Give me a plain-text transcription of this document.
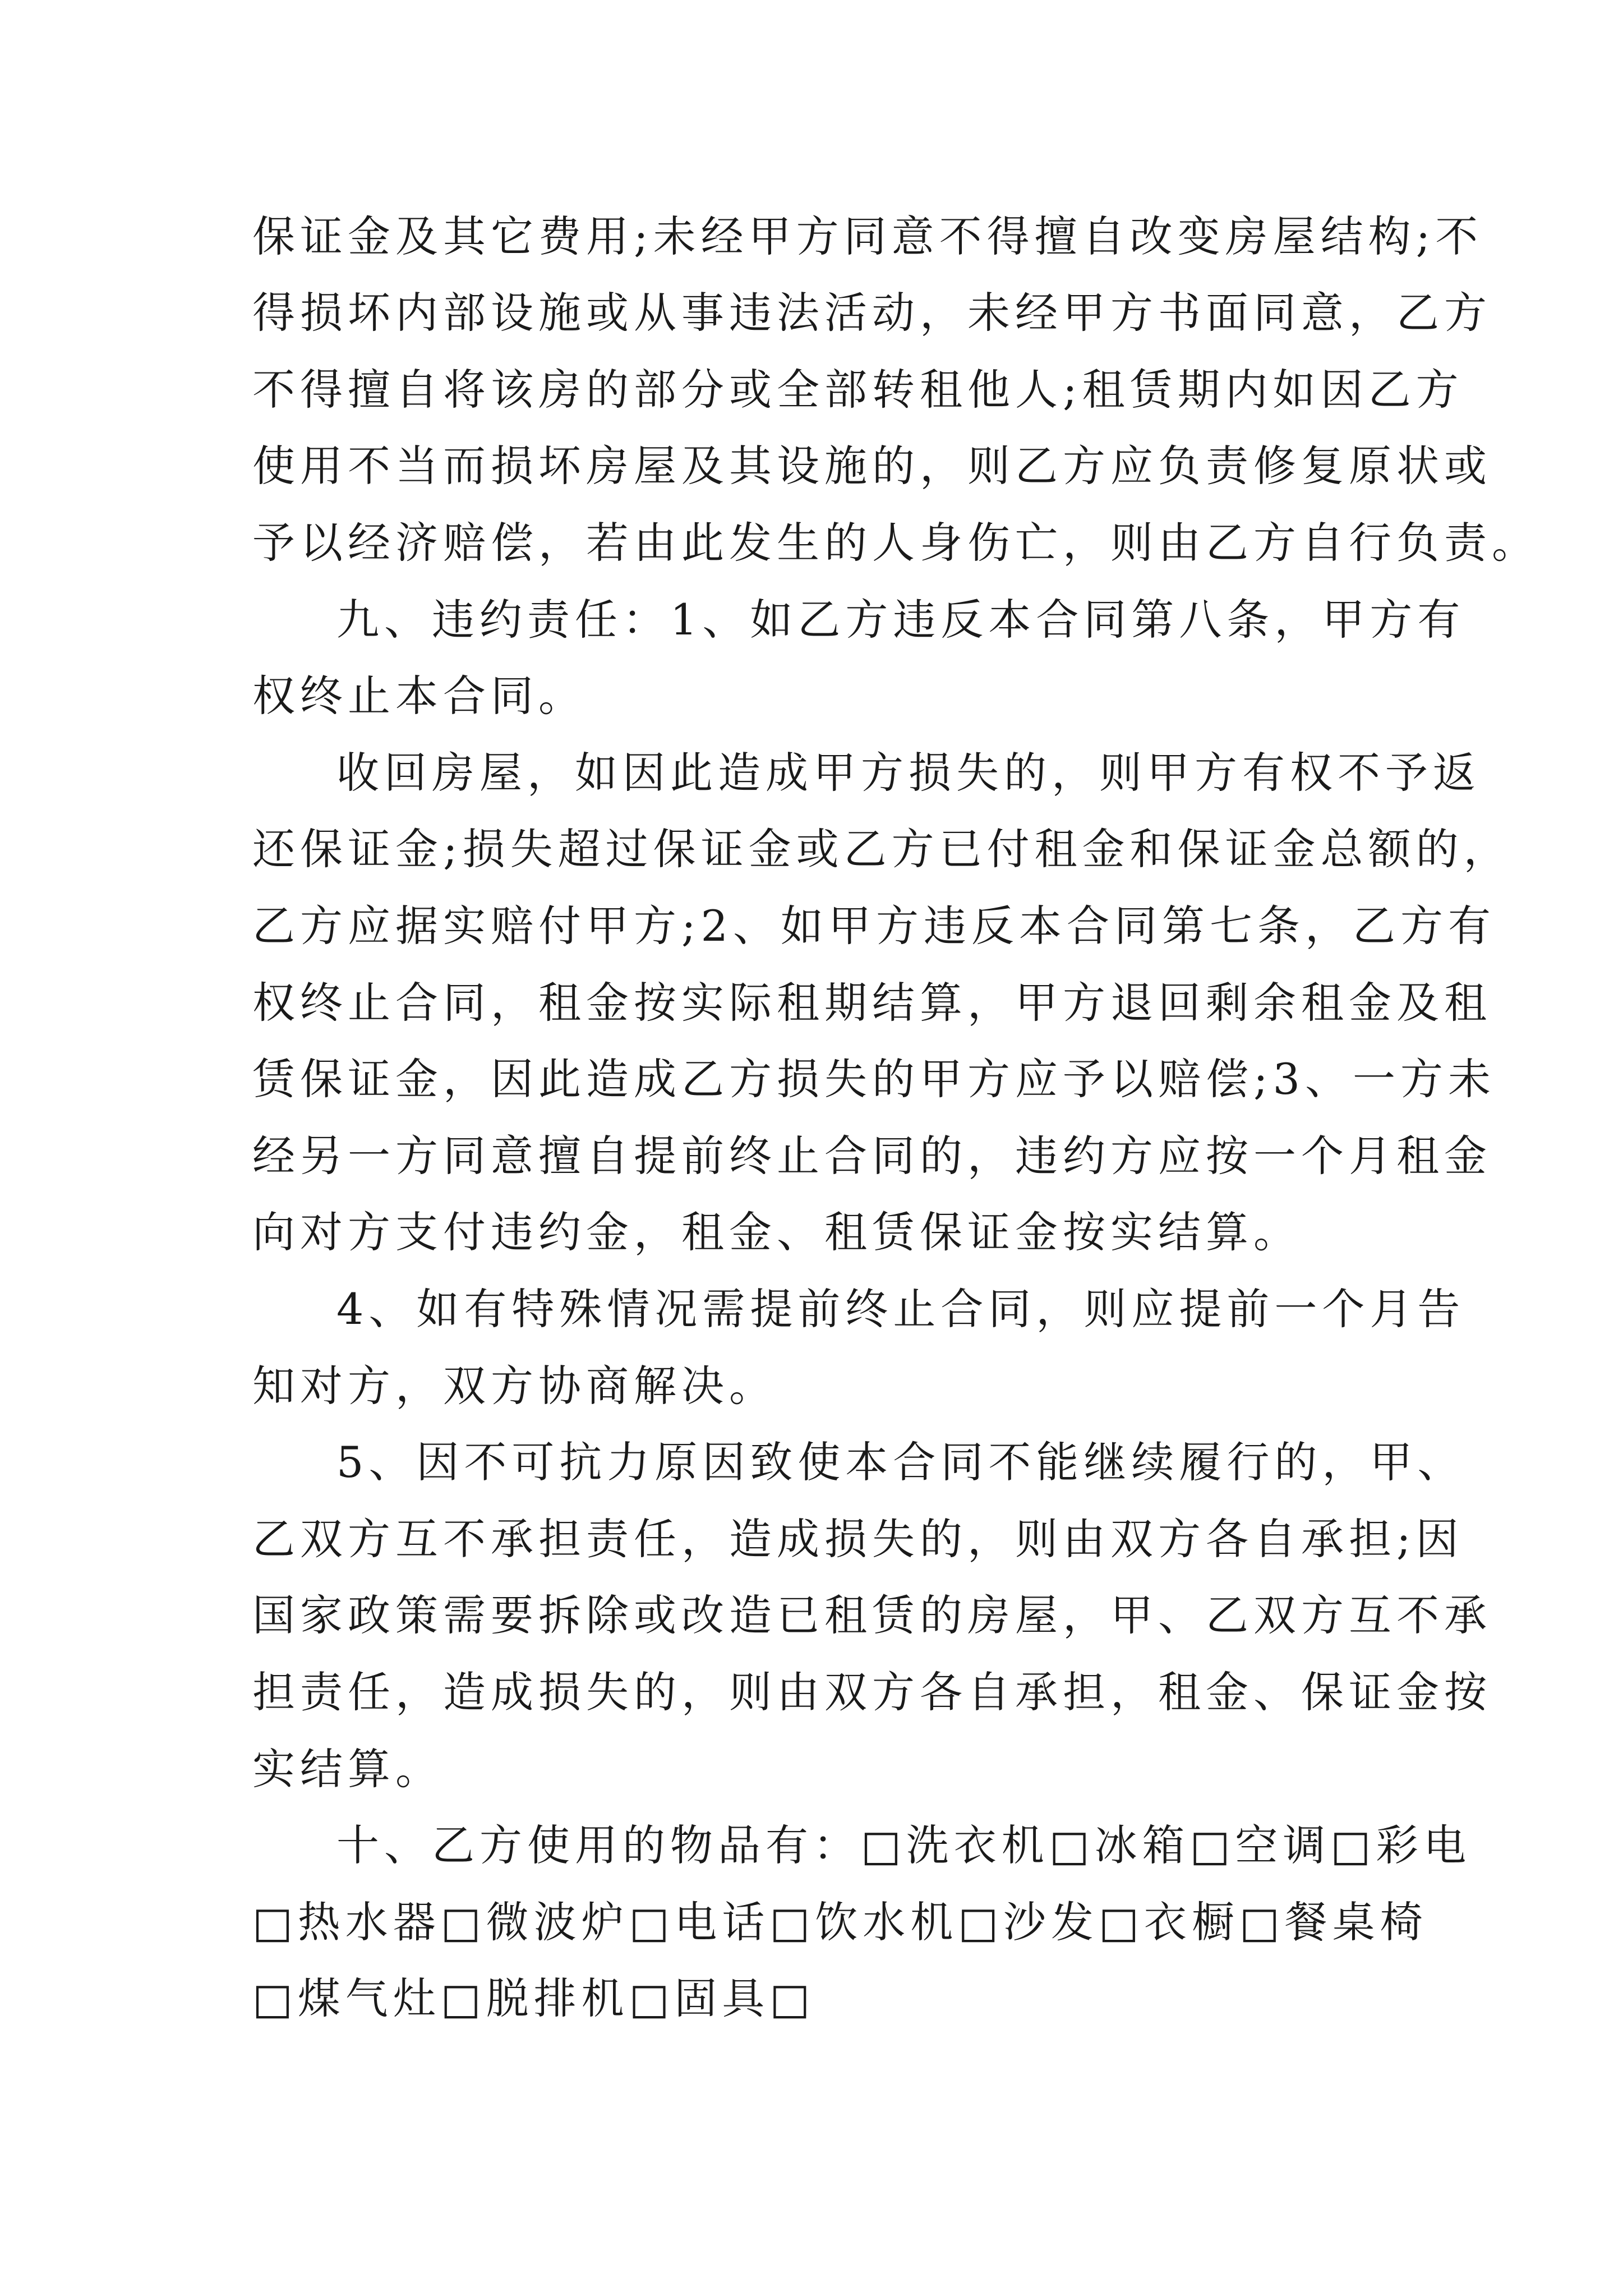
保证金及其它费用;未经甲方同意不得擅自改变房屋结构;不
得损坏内部设施或从事违法活动，未经甲方书面同意，乙方
不得擅自将该房的部分或全部转租他人;租赁期内如因乙方
使用不当而损坏房屋及其设施的，则乙方应负责修复原状或
予以经济赔偿，若由此发生的人身伤亡，则由乙方自行负责。
九、违约责任：1、如乙方违反本合同第八条，甲方有
权终止本合同。
收回房屋，如因此造成甲方损失的，则甲方有权不予返
还保证金;损失超过保证金或乙方已付租金和保证金总额的，
乙方应据实赔付甲方;2、如甲方违反本合同第七条，乙方有
权终止合同，租金按实际租期结算，甲方退回剩余租金及租
赁保证金，因此造成乙方损失的甲方应予以赔偿;3、一方未
经另一方同意擅自提前终止合同的，违约方应按一个月租金
向对方支付违约金，租金、租赁保证金按实结算。
4、如有特殊情况需提前终止合同，则应提前一个月告
知对方，双方协商解决。
5、因不可抗力原因致使本合同不能继续履行的，甲、
乙双方互不承担责任，造成损失的，则由双方各自承担;因
国家政策需要拆除或改造已租赁的房屋，甲、乙双方互不承
担责任，造成损失的，则由双方各自承担，租金、保证金按
实结算。
十、乙方使用的物品有：□洗衣机□冰箱□空调□彩电
□热水器□微波炉□电话□饮水机□沙发□衣橱□餐桌椅
□煤气灶□脱排机□固具□
